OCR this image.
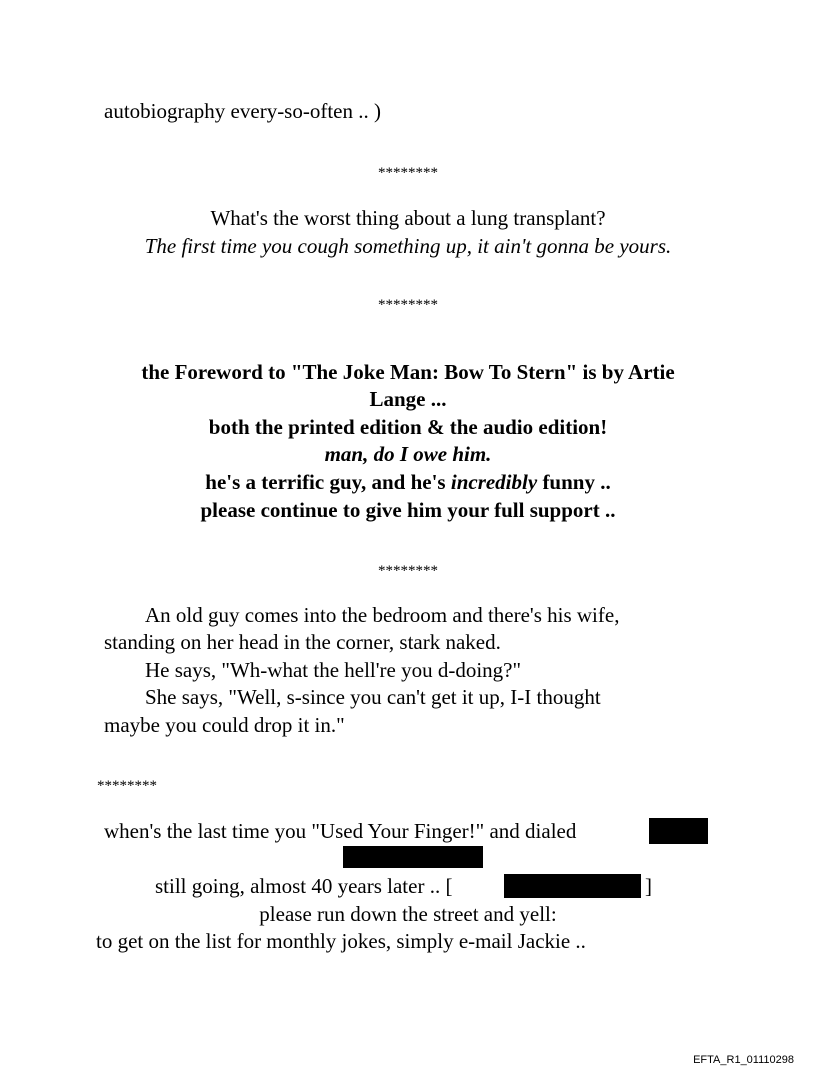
autobiography every-so-often .. )

********

What's the worst thing about a lung transplant?

The first time you cough something up, it ain't gonna be yours.

********

the Foreword to "The Joke Man: Bow To Stern" is by Artie

Lange ...

both the printed edition & the audio edition!

man, do I owe him.

he's a terrific guy, and he's incredibly funny ..

please continue to give him your full support ..

********

An old guy comes into the bedroom and there's his wife,

standing on her head in the corner, stark naked.

He says, "Wh-what the hell're you d-doing?"

She says, "Well, s-since you can't get it up, I-I thought

maybe you could drop it in."

********

when's the last time you "Used Your Finger!" and dialed

still going, almost 40 years later .. [	]

please run down the street and yell:

to get on the list for monthly jokes, simply e-mail Jackie ..

EFTA_R1_01110298
